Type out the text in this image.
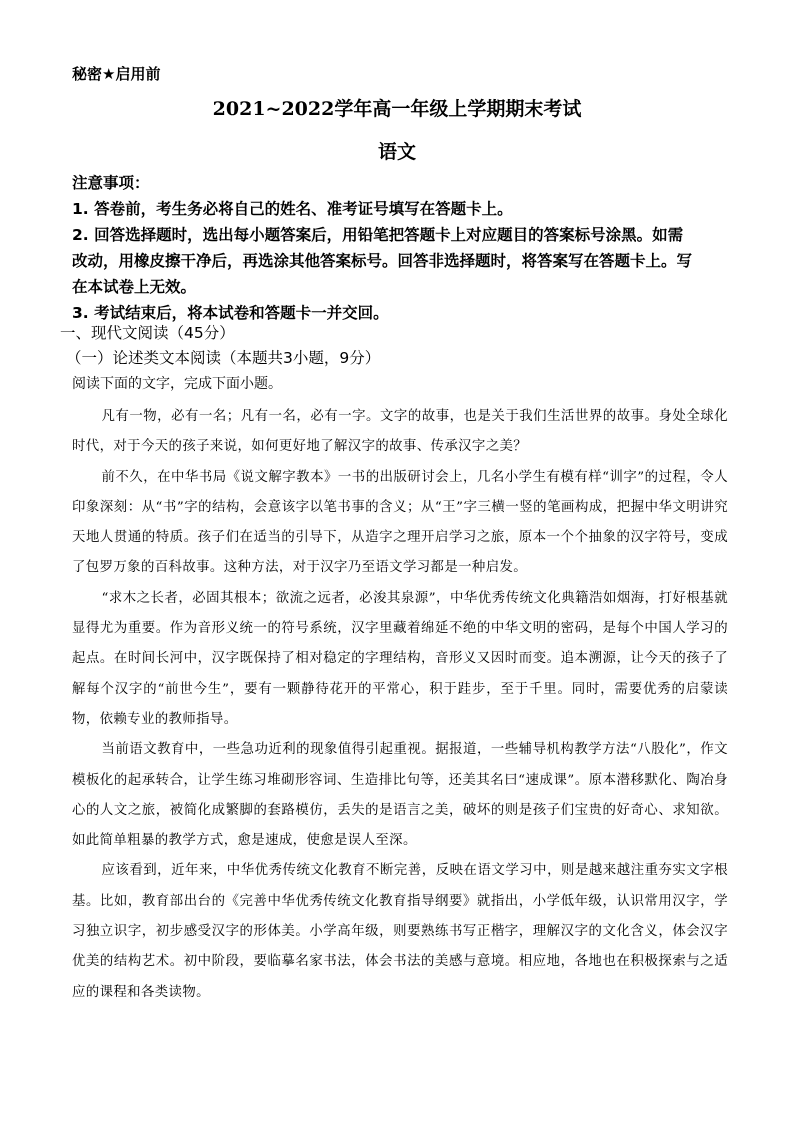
秘密★启用前
2021~2022学年高一年级上学期期末考试
语文
注意事项：
1. 答卷前，考生务必将自己的姓名、准考证号填写在答题卡上。
2. 回答选择题时，选出每小题答案后，用铅笔把答题卡上对应题目的答案标号涂黑。如需
改动，用橡皮擦干净后，再选涂其他答案标号。回答非选择题时，将答案写在答题卡上。写
在本试卷上无效。
3. 考试结束后，将本试卷和答题卡一并交回。
一、现代文阅读（45分）
（一）论述类文本阅读（本题共3小题，9分）
阅读下面的文字，完成下面小题。

凡有一物，必有一名；凡有一名，必有一字。文字的故事，也是关于我们生活世界的故事。身处全球化时代，对于今天的孩子来说，如何更好地了解汉字的故事、传承汉字之美？

前不久，在中华书局《说文解字教本》一书的出版研讨会上，几名小学生有模有样“训字”的过程，令人印象深刻：从“书”字的结构，会意该字以笔书事的含义；从“王”字三横一竖的笔画构成，把握中华文明讲究天地人贯通的特质。孩子们在适当的引导下，从造字之理开启学习之旅，原本一个个抽象的汉字符号，变成了包罗万象的百科故事。这种方法，对于汉字乃至语文学习都是一种启发。

“求木之长者，必固其根本；欲流之远者，必浚其泉源”，中华优秀传统文化典籍浩如烟海，打好根基就显得尤为重要。作为音形义统一的符号系统，汉字里藏着绵延不绝的中华文明的密码，是每个中国人学习的起点。在时间长河中，汉字既保持了相对稳定的字理结构，音形义又因时而变。追本溯源，让今天的孩子了解每个汉字的“前世今生”，要有一颗静待花开的平常心，积于跬步，至于千里。同时，需要优秀的启蒙读物，依赖专业的教师指导。

当前语文教育中，一些急功近利的现象值得引起重视。据报道，一些辅导机构教学方法“八股化”，作文模板化的起承转合，让学生练习堆砌形容词、生造排比句等，还美其名曰“速成课”。原本潜移默化、陶冶身心的人文之旅，被简化成繁脚的套路模仿，丢失的是语言之美，破坏的则是孩子们宝贵的好奇心、求知欲。如此简单粗暴的教学方式，愈是速成，使愈是误人至深。

应该看到，近年来，中华优秀传统文化教育不断完善，反映在语文学习中，则是越来越注重夯实文字根基。比如，教育部出台的《完善中华优秀传统文化教育指导纲要》就指出，小学低年级，认识常用汉字，学习独立识字，初步感受汉字的形体美。小学高年级，则要熟练书写正楷字，理解汉字的文化含义，体会汉字优美的结构艺术。初中阶段，要临摹名家书法，体会书法的美感与意境。相应地，各地也在积极探索与之适应的课程和各类读物。
